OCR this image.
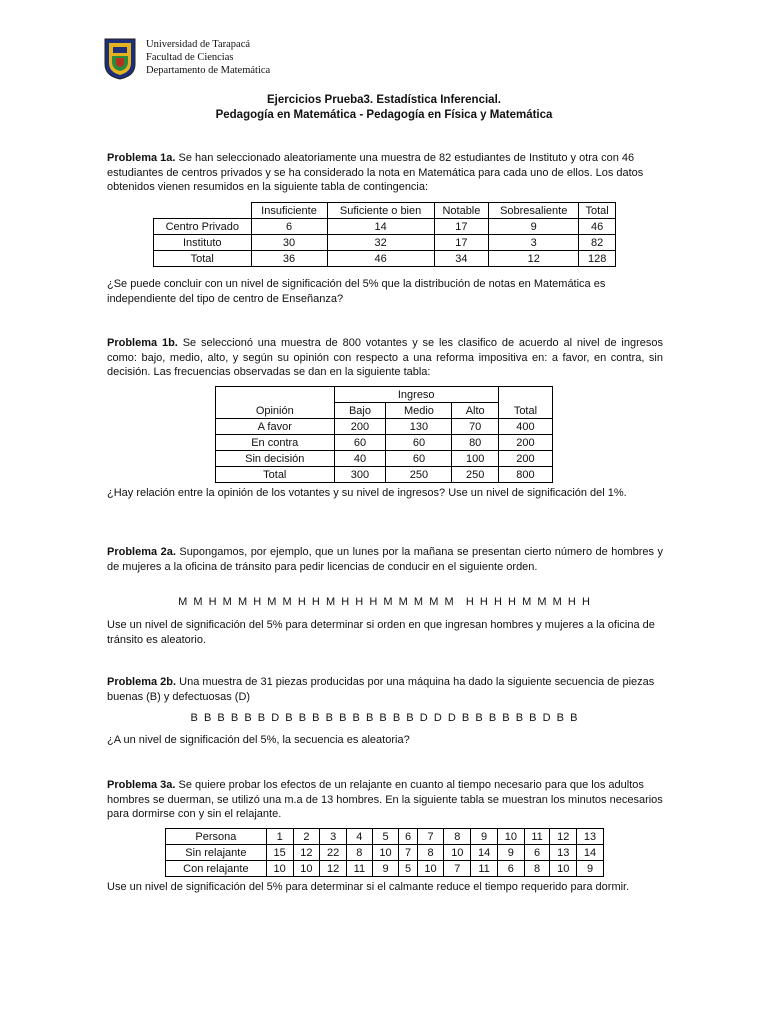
Universidad de Tarapacá
Facultad de Ciencias
Departamento de Matemática
Ejercicios Prueba3. Estadística Inferencial.
Pedagogía en Matemática - Pedagogía en Física y Matemática
Problema 1a. Se han seleccionado aleatoriamente una muestra de 82 estudiantes de Instituto y otra con 46 estudiantes de centros privados y se ha considerado la nota en Matemática para cada uno de ellos. Los datos obtenidos vienen resumidos en la siguiente tabla de contingencia:
	Insuficiente	Suficiente o bien	Notable	Sobresaliente	Total
Centro Privado	6	14	17	9	46
Instituto	30	32	17	3	82
Total	36	46	34	12	128
¿Se puede concluir con un nivel de significación del 5% que la distribución de notas en Matemática es independiente del tipo de centro de Enseñanza?
Problema 1b. Se seleccionó una muestra de 800 votantes y se les clasifico de acuerdo al nivel de ingresos como: bajo, medio, alto, y según su opinión con respecto a una reforma impositiva en: a favor, en contra, sin decisión. Las frecuencias observadas se dan en la siguiente tabla:
Opinión	Ingreso			Total
	Bajo	Medio	Alto	
A favor	200	130	70	400
En contra	60	60	80	200
Sin decisión	40	60	100	200
Total	300	250	250	800
¿Hay relación entre la opinión de los votantes y su nivel de ingresos? Use un nivel de significación del 1%.
Problema 2a. Supongamos, por ejemplo, que un lunes por la mañana se presentan cierto número de hombres y de mujeres a la oficina de tránsito para pedir licencias de conducir en el siguiente orden.
M  M  H  M  M  H  M  M  H  H  M  H  H  H  M  M  M  M  M    H  H  H  H  M  M  M  H  H
Use un nivel de significación del 5% para determinar si orden en que ingresan hombres y mujeres a la oficina de tránsito es aleatorio.
Problema 2b. Una muestra de 31 piezas producidas por una máquina ha dado la siguiente secuencia de piezas buenas (B) y defectuosas (D)
B  B  B  B  B  B  D  B  B  B  B  B  B  B  B  B  B  D  D  D  B  B  B  B  B  B  D  B  B
¿A un nivel de significación del 5%, la secuencia es aleatoria?
Problema 3a. Se quiere probar los efectos de un relajante en cuanto al tiempo necesario para que los adultos hombres se duerman, se utilizó una m.a de 13 hombres. En la siguiente tabla se muestran los minutos necesarios para dormirse con y sin el relajante.
Persona	1	2	3	4	5	6	7	8	9	10	11	12	13
Sin relajante	15	12	22	8	10	7	8	10	14	9	6	13	14
Con relajante	10	10	12	11	9	5	10	7	11	6	8	10	9
Use un nivel de significación del 5% para determinar si el calmante reduce el tiempo requerido para dormir.
